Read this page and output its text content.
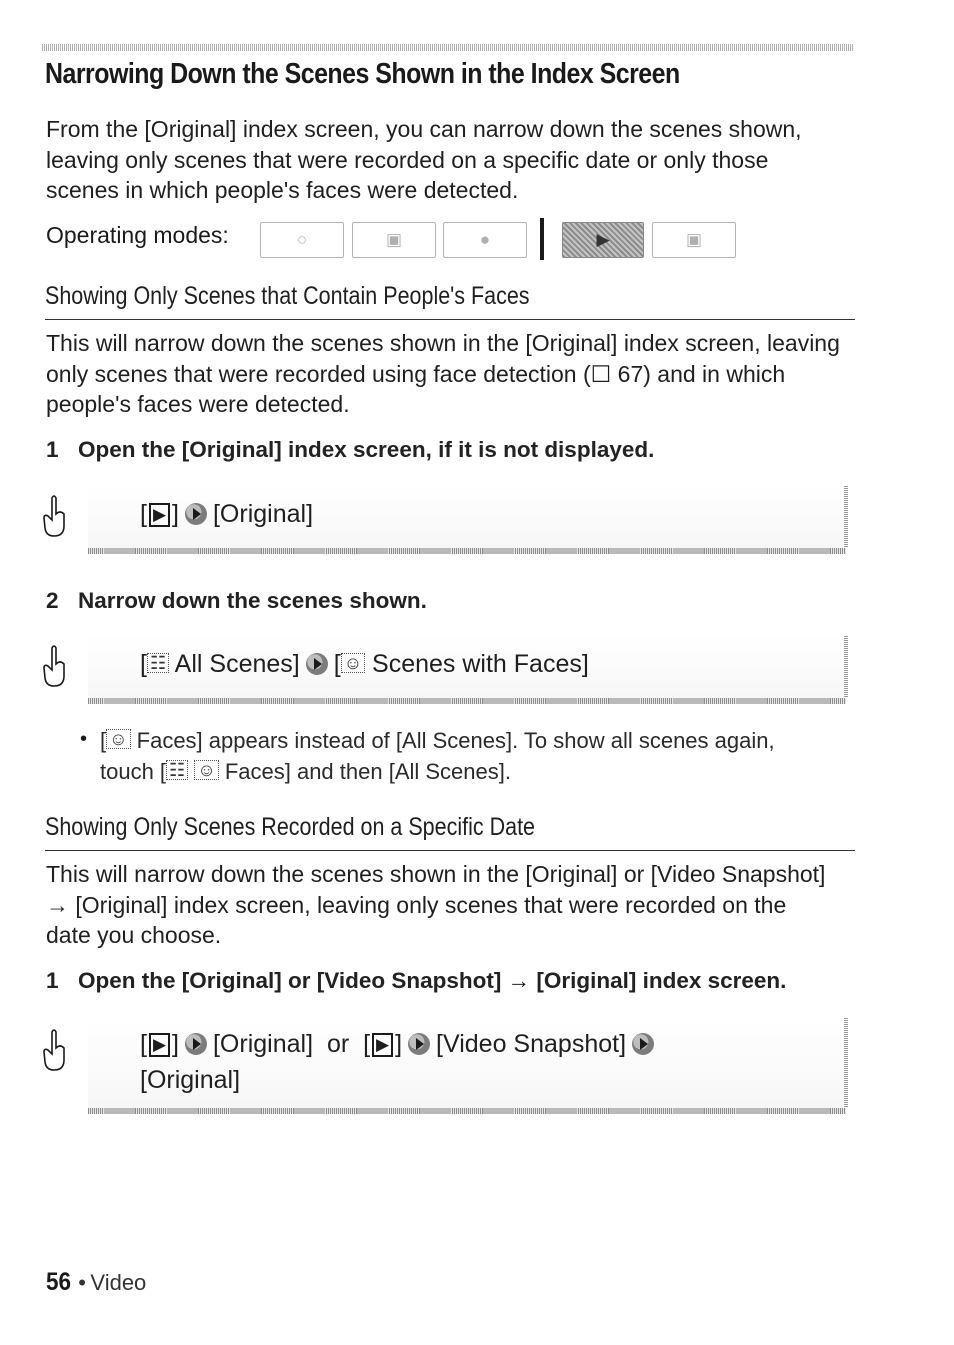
Narrowing Down the Scenes Shown in the Index Screen

From the [Original] index screen, you can narrow down the scenes shown, leaving only scenes that were recorded on a specific date or only those scenes in which people's faces were detected.

Operating modes:	○	▣	●	▶	▣
Showing Only Scenes that Contain People's Faces

This will narrow down the scenes shown in the [Original] index screen, leaving only scenes that were recorded using face detection (☐ 67) and in which people's faces were detected.

1 Open the [Original] index screen, if it is not displayed.
[ ▶ ] [Original]
2 Narrow down the scenes shown.
[ ☷ All Scenes] [ ☺ Scenes with Faces]
• [ ☺ Faces] appears instead of [All Scenes]. To show all scenes again,
touch [ ☷ ☺ Faces] and then [All Scenes].
Showing Only Scenes Recorded on a Specific Date

This will narrow down the scenes shown in the [Original] or [Video Snapshot] → [Original] index screen, leaving only scenes that were recorded on the date you choose.

1 Open the [Original] or [Video Snapshot] → [Original] index screen.
[ ▶ ] [Original] or  [ ▶ ] [Video Snapshot]
[Original]
56 • Video
